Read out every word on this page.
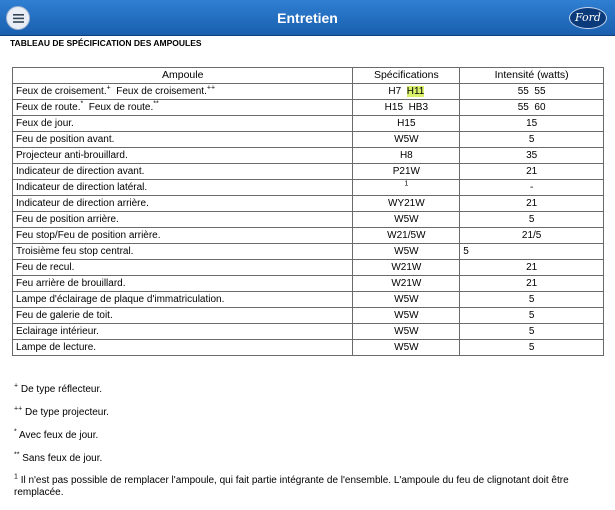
Entretien	Ford
TABLEAU DE SPÉCIFICATION DES AMPOULES
Ampoule	Spécifications	Intensité (watts)
Feux de croisement.+ Feux de croisement.++	H7 H11	55  55
Feux de route.* Feux de route.**	H15  HB3	55  60
Feux de jour.	H15	15
Feu de position avant.	W5W	5
Projecteur anti-brouillard.	H8	35
Indicateur de direction avant.	P21W	21
Indicateur de direction latéral.	$^1$	-
Indicateur de direction arrière.	WY21W	21
Feu de position arrière.	W5W	5
Feu stop/Feu de position arrière.	W21/5W	21/5
Troisième feu stop central.	W5W	5
Feu de recul.	W21W	21
Feu arrière de brouillard.	W21W	21
Lampe d'éclairage de plaque d'immatriculation.	W5W	5
Feu de galerie de toit.	W5W	5
Eclairage intérieur.	W5W	5
Lampe de lecture.	W5W	5

+ De type réflecteur.

++ De type projecteur.

* Avec feux de jour.

** Sans feux de jour.

$^1$ Il n'est pas possible de remplacer l'ampoule, qui fait partie intégrante de l'ensemble. L'ampoule du feu de clignotant doit être remplacée.
